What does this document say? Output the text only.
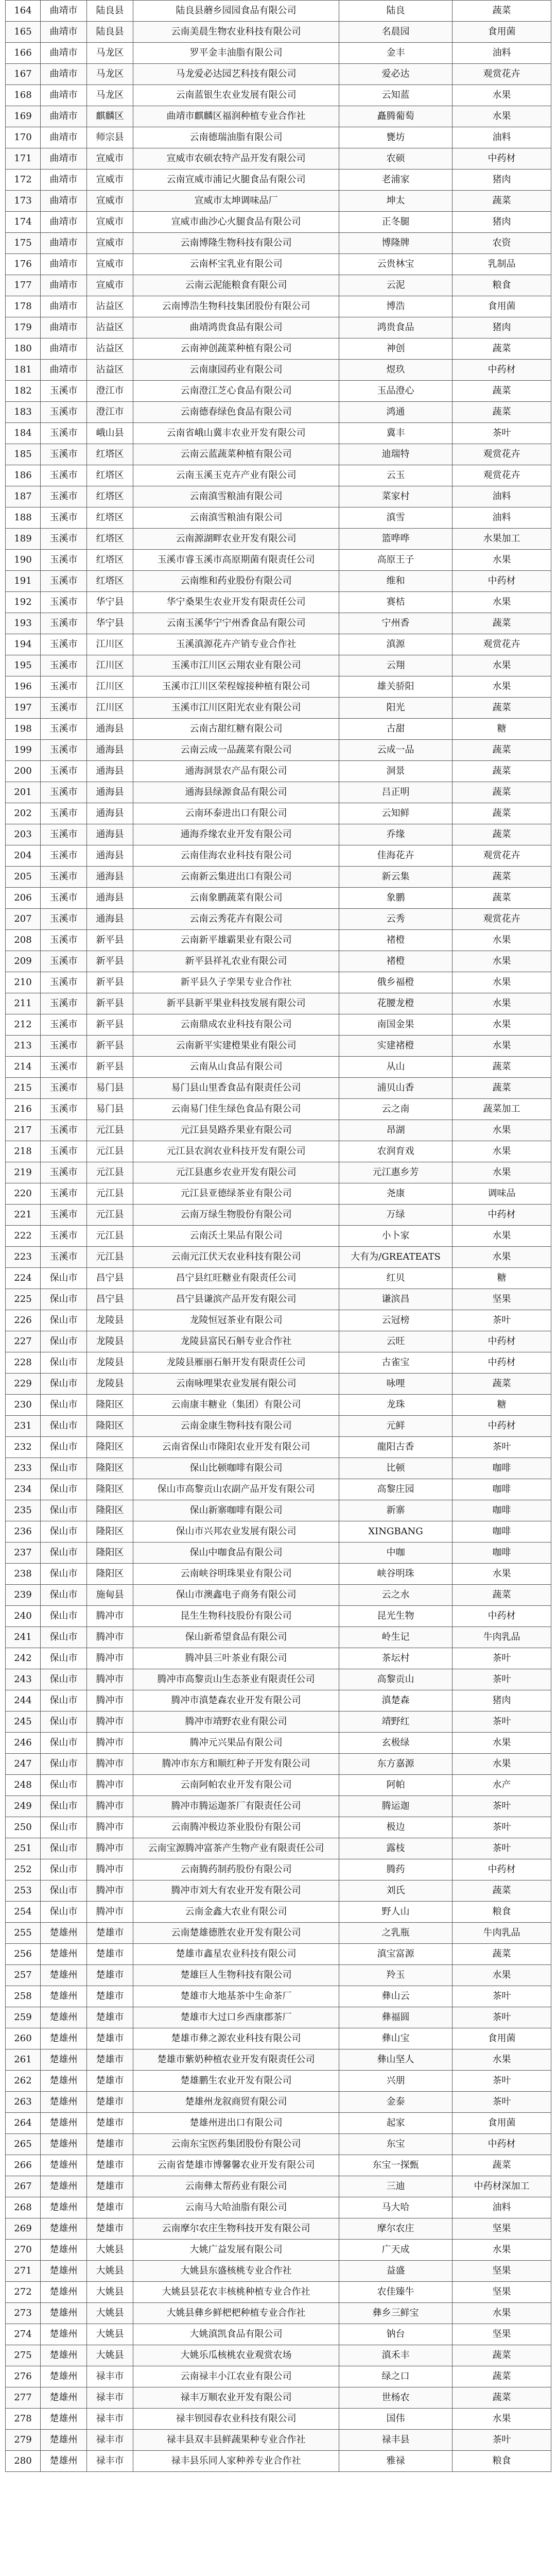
164	曲靖市	陆良县	陆良县蘑乡园园食品有限公司	陆良	蔬菜
165	曲靖市	陆良县	云南美晨生物农业科技有限公司	名晨园	食用菌
166	曲靖市	马龙区	罗平金丰油脂有限公司	金丰	油料
167	曲靖市	马龙区	马龙爱必达园艺科技有限公司	爱必达	观赏花卉
168	曲靖市	马龙区	云南蓝银生农业发展有限公司	云知蓝	水果
169	曲靖市	麒麟区	曲靖市麒麟区福润种植专业合作社	矗腾葡萄	水果
170	曲靖市	师宗县	云南德瑞油脂有限公司	甕坊	油料
171	曲靖市	宣威市	宣威市农硕农特产品开发有限公司	农硕	中药材
172	曲靖市	宣威市	云南宣威市浦记火腿食品有限公司	老浦家	猪肉
173	曲靖市	宣威市	宣威市太坤调味品厂	坤太	蔬菜
174	曲靖市	宣威市	宣威市曲沙心火腿食品有限公司	正冬腿	猪肉
175	曲靖市	宣威市	云南博隆生物科技有限公司	博隆牌	农资
176	曲靖市	宣威市	云南杯宝乳业有限公司	云贵林宝	乳制品
177	曲靖市	宣威市	云南云泥能粮食有限公司	云泥	粮食
178	曲靖市	沾益区	云南博浩生物科技集团股份有限公司	博浩	食用菌
179	曲靖市	沾益区	曲靖鸿贵食品有限公司	鸿贵食品	猪肉
180	曲靖市	沾益区	云南神创蔬菜种植有限公司	神创	蔬菜
181	曲靖市	沾益区	云南康园药业有限公司	煜玖	中药材
182	玉溪市	澄江市	云南澄江芝心食品有限公司	玉品澄心	蔬菜
183	玉溪市	澄江市	云南德春绿色食品有限公司	鸿通	蔬菜
184	玉溪市	峨山县	云南省峨山冀丰农业开发有限公司	冀丰	茶叶
185	玉溪市	红塔区	云南云蓝蔬菜种植有限公司	迪瑞特	观赏花卉
186	玉溪市	红塔区	云南玉溪玉克卉产业有限公司	云玉	观赏花卉
187	玉溪市	红塔区	云南滇雪粮油有限公司	菜家村	油料
188	玉溪市	红塔区	云南滇雪粮油有限公司	滇雪	油料
189	玉溪市	红塔区	云南源湖畔农业开发有限公司	篮哗哗	水果加工
190	玉溪市	红塔区	玉溪市睿玉溪市高原期菌有限责任公司	高原王子	水果
191	玉溪市	红塔区	云南维和药业股份有限公司	维和	中药材
192	玉溪市	华宁县	华宁桑果生农业开发有限责任公司	赛桔	水果
193	玉溪市	华宁县	云南玉溪华宁宁州香食品有限公司	宁州香	蔬菜
194	玉溪市	江川区	玉溪滇源花卉产销专业合作社	滇源	观赏花卉
195	玉溪市	江川区	玉溪市江川区云翔农业有限公司	云翔	水果
196	玉溪市	江川区	玉溪市江川区荣程嫁接种植有限公司	雄关骄阳	水果
197	玉溪市	江川区	玉溪市江川区阳光农业有限公司	阳光	蔬菜
198	玉溪市	通海县	云南古甜红糖有限公司	古甜	糖
199	玉溪市	通海县	云南云成一品蔬菜有限公司	云成一品	蔬菜
200	玉溪市	通海县	通海洞景农产品有限公司	洞景	蔬菜
201	玉溪市	通海县	通海县绿源食品有限公司	吕正明	蔬菜
202	玉溪市	通海县	云南环泰进出口有限公司	云知鲜	蔬菜
203	玉溪市	通海县	通海乔缘农业开发有限公司	乔缘	蔬菜
204	玉溪市	通海县	云南佳海农业科技有限公司	佳海花卉	观赏花卉
205	玉溪市	通海县	云南新云集进出口有限公司	新云集	蔬菜
206	玉溪市	通海县	云南象鹏蔬菜有限公司	象鹏	蔬菜
207	玉溪市	通海县	云南云秀花卉有限公司	云秀	观赏花卉
208	玉溪市	新平县	云南新平雄霸果业有限公司	褚橙	水果
209	玉溪市	新平县	新平县祥礼农业有限公司	褚橙	水果
210	玉溪市	新平县	新平县久子孪果专业合作社	俄乡福橙	水果
211	玉溪市	新平县	新平县新平果业科技发展有限公司	花腰龙橙	水果
212	玉溪市	新平县	云南鼎成农业科技有限公司	南国金果	水果
213	玉溪市	新平县	云南新平实建橙果业有限公司	实建褚橙	水果
214	玉溪市	新平县	云南从山食品有限公司	从山	蔬菜
215	玉溪市	易门县	易门县山里香食品有限责任公司	浦贝山香	蔬菜
216	玉溪市	易门县	云南易门佳生绿色食品有限公司	云之南	蔬菜加工
217	玉溪市	元江县	元江县昊路乔果业有限公司	昂湖	水果
218	玉溪市	元江县	元江县农润农业科技开发有限公司	农润育戏	水果
219	玉溪市	元江县	元江县惠乡农业开发有限公司	元江惠乡芳	水果
220	玉溪市	元江县	元江县亚德绿茶业有限公司	尧康	调味品
221	玉溪市	元江县	云南万绿生物股份有限公司	万绿	中药材
222	玉溪市	元江县	云南沃土果品有限公司	小卜家	水果
223	玉溪市	元江县	云南元江伏天农业科技有限公司	大有为/GREATEATS	水果
224	保山市	昌宁县	昌宁县红旺糖业有限责任公司	红贝	糖
225	保山市	昌宁县	昌宁县谦滨产品开发有限公司	谦滨昌	坚果
226	保山市	龙陵县	龙陵恒冠茶业有限公司	云冠榜	茶叶
227	保山市	龙陵县	龙陵县富民石斛专业合作社	云旺	中药材
228	保山市	龙陵县	龙陵县雁丽石斛开发有限责任公司	古雀宝	中药材
229	保山市	龙陵县	云南咏哩果农业发展有限公司	咏哩	蔬菜
230	保山市	隆阳区	云南康丰糖业（集团）有限公司	龙珠	糖
231	保山市	隆阳区	云南金康生物科技有限公司	元鲜	中药材
232	保山市	隆阳区	云南省保山市隆阳农业开发有限公司	龍阳古香	茶叶
233	保山市	隆阳区	保山比顿咖啡有限公司	比顿	咖啡
234	保山市	隆阳区	保山市高黎贡山农副产品开发有限公司	高黎庄园	咖啡
235	保山市	隆阳区	保山新寨咖啡有限公司	新寨	咖啡
236	保山市	隆阳区	保山市兴邦农业发展有限公司	XINGBANG	咖啡
237	保山市	隆阳区	保山中咖食品有限公司	中咖	咖啡
238	保山市	隆阳区	云南峡谷明珠果业有限公司	峡谷明珠	水果
239	保山市	施甸县	保山市澳鑫电子商务有限公司	云之水	蔬菜
240	保山市	腾冲市	昆生生物科技股份有限公司	昆光生物	中药材
241	保山市	腾冲市	保山新希望食品有限公司	岭生记	牛肉乳品
242	保山市	腾冲市	腾冲县三叶茶业有限公司	茶坛村	茶叶
243	保山市	腾冲市	腾冲市高黎贡山生态茶业有限责任公司	高黎贡山	茶叶
244	保山市	腾冲市	腾冲市滇楚森农业开发有限公司	滇楚森	猪肉
245	保山市	腾冲市	腾冲市靖野农业有限公司	靖野红	茶叶
246	保山市	腾冲市	腾冲元兴果品有限公司	玄极绿	水果
247	保山市	腾冲市	腾冲市东方和顺红种子开发有限公司	东方嘉源	水果
248	保山市	腾冲市	云南阿帕农业开发有限公司	阿帕	水产
249	保山市	腾冲市	腾冲市腾运迦茶厂有限责任公司	腾运迦	茶叶
250	保山市	腾冲市	云南腾冲极边茶业股份有限公司	极边	茶叶
251	保山市	腾冲市	云南宝源腾冲富茶产生物产业有限责任公司	露枝	茶叶
252	保山市	腾冲市	云南腾药制药股份有限公司	腾药	中药材
253	保山市	腾冲市	腾冲市刘大有农业开发有限公司	刘氏	蔬菜
254	保山市	腾冲市	云南金鑫大农业有限公司	野人山	粮食
255	楚雄州	楚雄市	云南楚雄德胜农业开发有限公司	之乳瓶	牛肉乳品
256	楚雄州	楚雄市	楚雄市鑫星农业科技有限公司	滇宝富源	蔬菜
257	楚雄州	楚雄市	楚雄巨人生物科技有限公司	羚玉	水果
258	楚雄州	楚雄市	楚雄市大地基茶中生命茶厂	彝山云	茶叶
259	楚雄州	楚雄市	楚雄市大过口乡西康郡茶厂	彝福圆	茶叶
260	楚雄州	楚雄市	楚雄市彝之源农业科技有限公司	彝山宝	食用菌
261	楚雄州	楚雄市	楚雄市紫奶种植农业开发有限责任公司	彝山坚人	水果
262	楚雄州	楚雄市	楚雄鹏生农业开发有限公司	兴朋	茶叶
263	楚雄州	楚雄市	楚雄州龙叙商贸有限公司	金泰	茶叶
264	楚雄州	楚雄市	楚雄州进出口有限公司	起家	食用菌
265	楚雄州	楚雄市	云南东宝医药集团股份有限公司	东宝	中药材
266	楚雄州	楚雄市	云南省楚雄市博馨馨农业开发有限公司	东宝一探甄	蔬菜
267	楚雄州	楚雄市	云南彝太帮药业有限公司	三迪	中药材深加工
268	楚雄州	楚雄市	云南马大哈油脂有限公司	马大哈	油料
269	楚雄州	楚雄市	云南摩尔农庄生物科技开发有限公司	摩尔农庄	坚果
270	楚雄州	大姚县	大姚广益发展有限公司	广天成	水果
271	楚雄州	大姚县	大姚县东盛核桃专业合作社	益盛	坚果
272	楚雄州	大姚县	大姚县昙花农丰核桃种植专业合作社	农佳臻牛	坚果
273	楚雄州	大姚县	大姚县彝乡鲜杷杷种植专业合作社	彝乡三鲜宝	水果
274	楚雄州	大姚县	大姚滇凯食品有限公司	钠台	坚果
275	楚雄州	大姚县	大姚乐瓜核桃农业观赏农场	滇禾丰	蔬菜
276	楚雄州	禄丰市	云南禄丰小江农业有限公司	绿之口	蔬菜
277	楚雄州	禄丰市	禄丰万顺农业开发有限公司	世杨农	蔬菜
278	楚雄州	禄丰市	禄丰钡园春农业科技有限公司	国伟	水果
279	楚雄州	禄丰市	禄丰县双丰县鲜蔬果种专业合作社	禄丰县	茶叶
280	楚雄州	禄丰市	禄丰县乐同人家种养专业合作社	雅禄	粮食
